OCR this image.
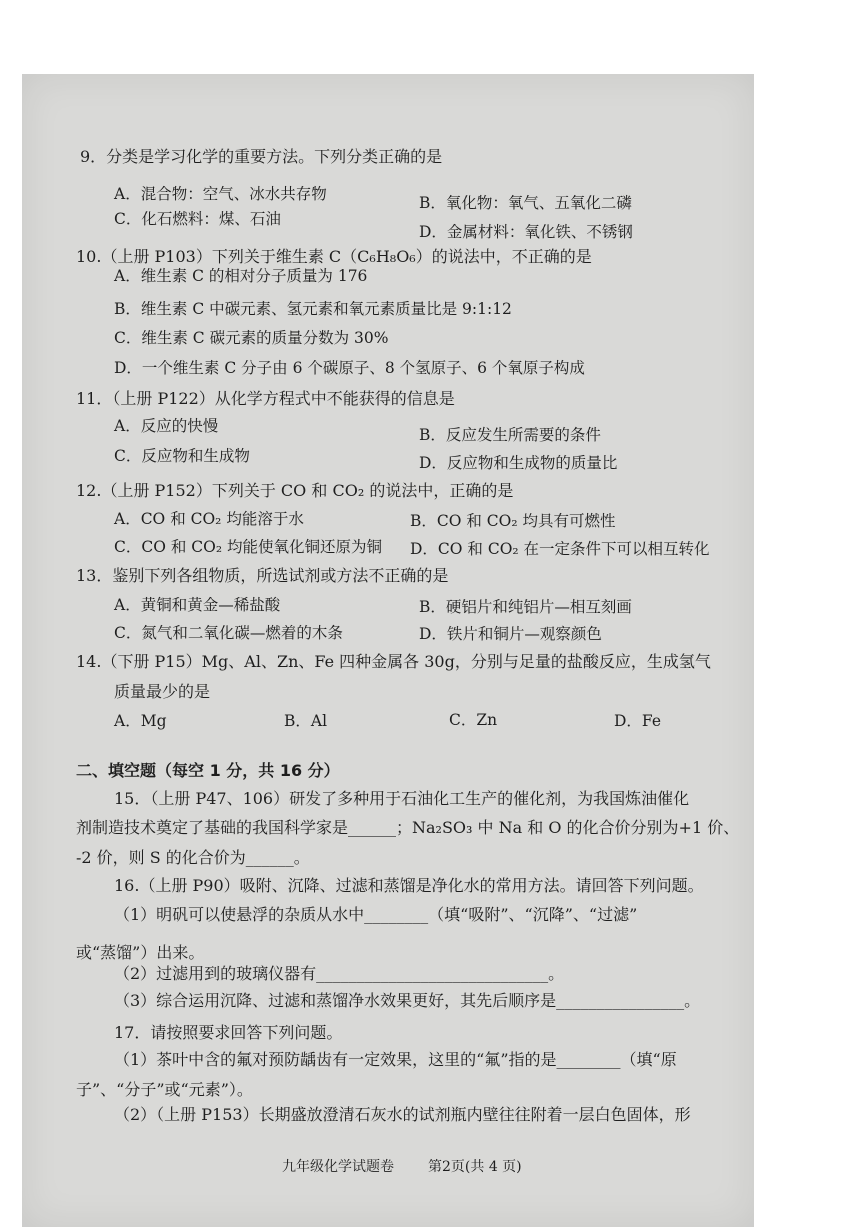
9．分类是学习化学的重要方法。下列分类正确的是
A．混合物：空气、冰水共存物	B．氧化物：氧气、五氧化二磷
C．化石燃料：煤、石油
D．金属材料：氧化铁、不锈钢
10.（上册 P103）下列关于维生素 C（C₆H₈O₆）的说法中，不正确的是
A．维生素 C 的相对分子质量为 176
B．维生素 C 中碳元素、氢元素和氧元素质量比是 9:1:12
C．维生素 C 碳元素的质量分数为 30%
D．一个维生素 C 分子由 6 个碳原子、8 个氢原子、6 个氧原子构成
11．（上册 P122）从化学方程式中不能获得的信息是
A．反应的快慢	B．反应发生所需要的条件
C．反应物和生成物	D．反应物和生成物的质量比
12.（上册 P152）下列关于 CO 和 CO₂ 的说法中，正确的是
A．CO 和 CO₂ 均能溶于水	B．CO 和 CO₂ 均具有可燃性
C．CO 和 CO₂ 均能使氧化铜还原为铜 D．CO 和 CO₂ 在一定条件下可以相互转化
13．鉴别下列各组物质，所选试剂或方法不正确的是
A．黄铜和黄金—稀盐酸	B．硬铝片和纯铝片—相互刻画
C．氮气和二氧化碳—燃着的木条	D．铁片和铜片—观察颜色
14.（下册 P15）Mg、Al、Zn、Fe 四种金属各 30g，分别与足量的盐酸反应，生成氢气
质量最少的是
A．Mg	B．Al	C．Zn	D．Fe
二、填空题（每空 1 分，共 16 分）
15．（上册 P47、106）研发了多种用于石油化工生产的催化剂，为我国炼油催化
剂制造技术奠定了基础的我国科学家是______；Na₂SO₃ 中 Na 和 O 的化合价分别为+1 价、
-2 价，则 S 的化合价为______。
16.（上册 P90）吸附、沉降、过滤和蒸馏是净化水的常用方法。请回答下列问题。
（1）明矾可以使悬浮的杂质从水中________（填“吸附”、“沉降”、“过滤”
或“蒸馏”）出来。
（2）过滤用到的玻璃仪器有_____________________________。
（3）综合运用沉降、过滤和蒸馏净水效果更好，其先后顺序是________________。
17．请按照要求回答下列问题。
（1）茶叶中含的氟对预防龋齿有一定效果，这里的“氟”指的是________（填“原
子”、“分子”或“元素”）。
（2）（上册 P153）长期盛放澄清石灰水的试剂瓶内壁往往附着一层白色固体，形
九年级化学试题卷 第2页(共 4 页)
